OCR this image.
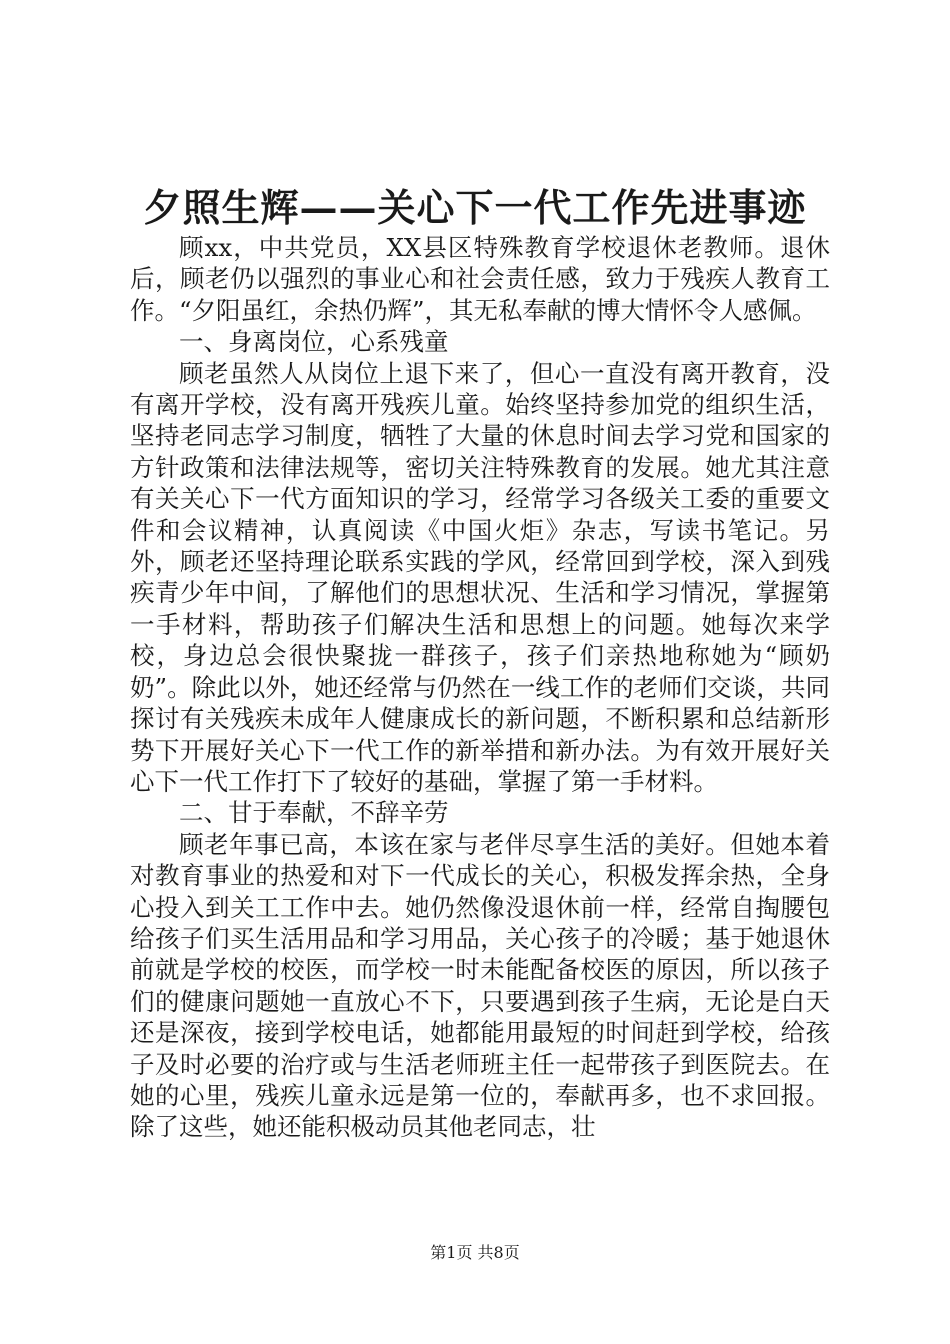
夕照生辉——关心下一代工作先进事迹

顾xx，中共党员，XX县区特殊教育学校退休老教师。退休后，顾老仍以强烈的事业心和社会责任感，致力于残疾人教育工作。“夕阳虽红，余热仍辉”，其无私奉献的博大情怀令人感佩。

一、身离岗位，心系残童

顾老虽然人从岗位上退下来了，但心一直没有离开教育，没有离开学校，没有离开残疾儿童。始终坚持参加党的组织生活，坚持老同志学习制度，牺牲了大量的休息时间去学习党和国家的方针政策和法律法规等，密切关注特殊教育的发展。她尤其注意有关关心下一代方面知识的学习，经常学习各级关工委的重要文件和会议精神，认真阅读《中国火炬》杂志，写读书笔记。另外，顾老还坚持理论联系实践的学风，经常回到学校，深入到残疾青少年中间，了解他们的思想状况、生活和学习情况，掌握第一手材料，帮助孩子们解决生活和思想上的问题。她每次来学校，身边总会很快聚拢一群孩子，孩子们亲热地称她为“顾奶奶”。除此以外，她还经常与仍然在一线工作的老师们交谈，共同探讨有关残疾未成年人健康成长的新问题，不断积累和总结新形势下开展好关心下一代工作的新举措和新办法。为有效开展好关心下一代工作打下了较好的基础，掌握了第一手材料。

二、甘于奉献，不辞辛劳

顾老年事已高，本该在家与老伴尽享生活的美好。但她本着对教育事业的热爱和对下一代成长的关心，积极发挥余热，全身心投入到关工工作中去。她仍然像没退休前一样，经常自掏腰包给孩子们买生活用品和学习用品，关心孩子的冷暖；基于她退休前就是学校的校医，而学校一时未能配备校医的原因，所以孩子们的健康问题她一直放心不下，只要遇到孩子生病，无论是白天还是深夜，接到学校电话，她都能用最短的时间赶到学校，给孩子及时必要的治疗或与生活老师班主任一起带孩子到医院去。在她的心里，残疾儿童永远是第一位的，奉献再多，也不求回报。除了这些，她还能积极动员其他老同志，壮

第1页 共8页
